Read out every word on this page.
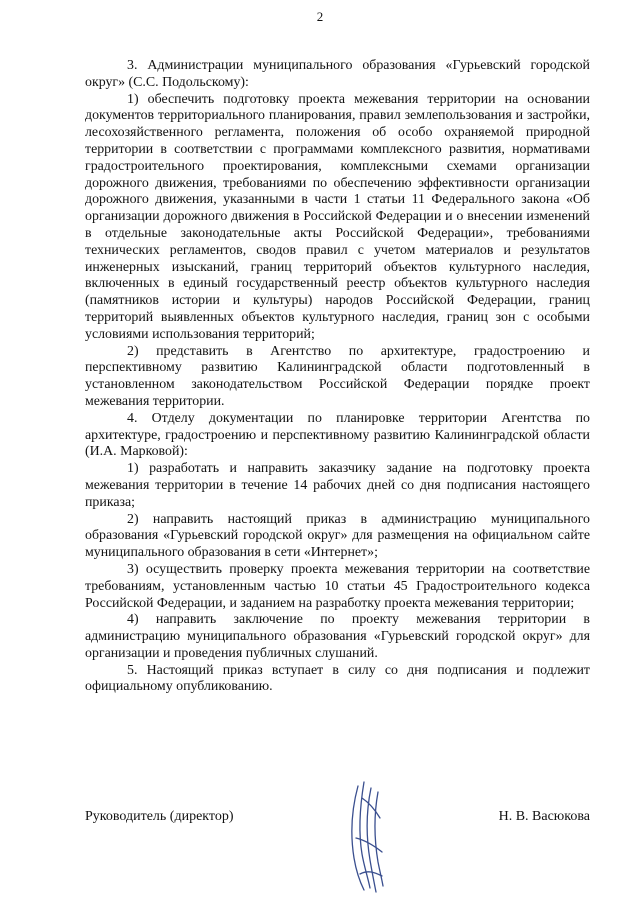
2

3. Администрации муниципального образования «Гурьевский городской округ» (С.С. Подольскому):

1) обеспечить подготовку проекта межевания территории на основании документов территориального планирования, правил землепользования и застройки, лесохозяйственного регламента, положения об особо охраняемой природной территории в соответствии с программами комплексного развития, нормативами градостроительного проектирования, комплексными схемами организации дорожного движения, требованиями по обеспечению эффективности организации дорожного движения, указанными в части 1 статьи 11 Федерального закона «Об организации дорожного движения в Российской Федерации и о внесении изменений в отдельные законодательные акты Российской Федерации», требованиями технических регламентов, сводов правил с учетом материалов и результатов инженерных изысканий, границ территорий объектов культурного наследия, включенных в единый государственный реестр объектов культурного наследия (памятников истории и культуры) народов Российской Федерации, границ территорий выявленных объектов культурного наследия, границ зон с особыми условиями использования территорий;

2) представить в Агентство по архитектуре, градостроению и перспективному развитию Калининградской области подготовленный в установленном законодательством Российской Федерации порядке проект межевания территории.

4. Отделу документации по планировке территории Агентства по архитектуре, градостроению и перспективному развитию Калининградской области (И.А. Марковой):

1) разработать и направить заказчику задание на подготовку проекта межевания территории в течение 14 рабочих дней со дня подписания настоящего приказа;

2) направить настоящий приказ в администрацию муниципального образования «Гурьевский городской округ» для размещения на официальном сайте муниципального образования в сети «Интернет»;

3) осуществить проверку проекта межевания территории на соответствие требованиям, установленным частью 10 статьи 45 Градостроительного кодекса Российской Федерации, и заданием на разработку проекта межевания территории;

4) направить заключение по проекту межевания территории в администрацию муниципального образования «Гурьевский городской округ» для организации и проведения публичных слушаний.

5. Настоящий приказ вступает в силу со дня подписания и подлежит официальному опубликованию.

Руководитель (директор)	Н. В. Васюкова
